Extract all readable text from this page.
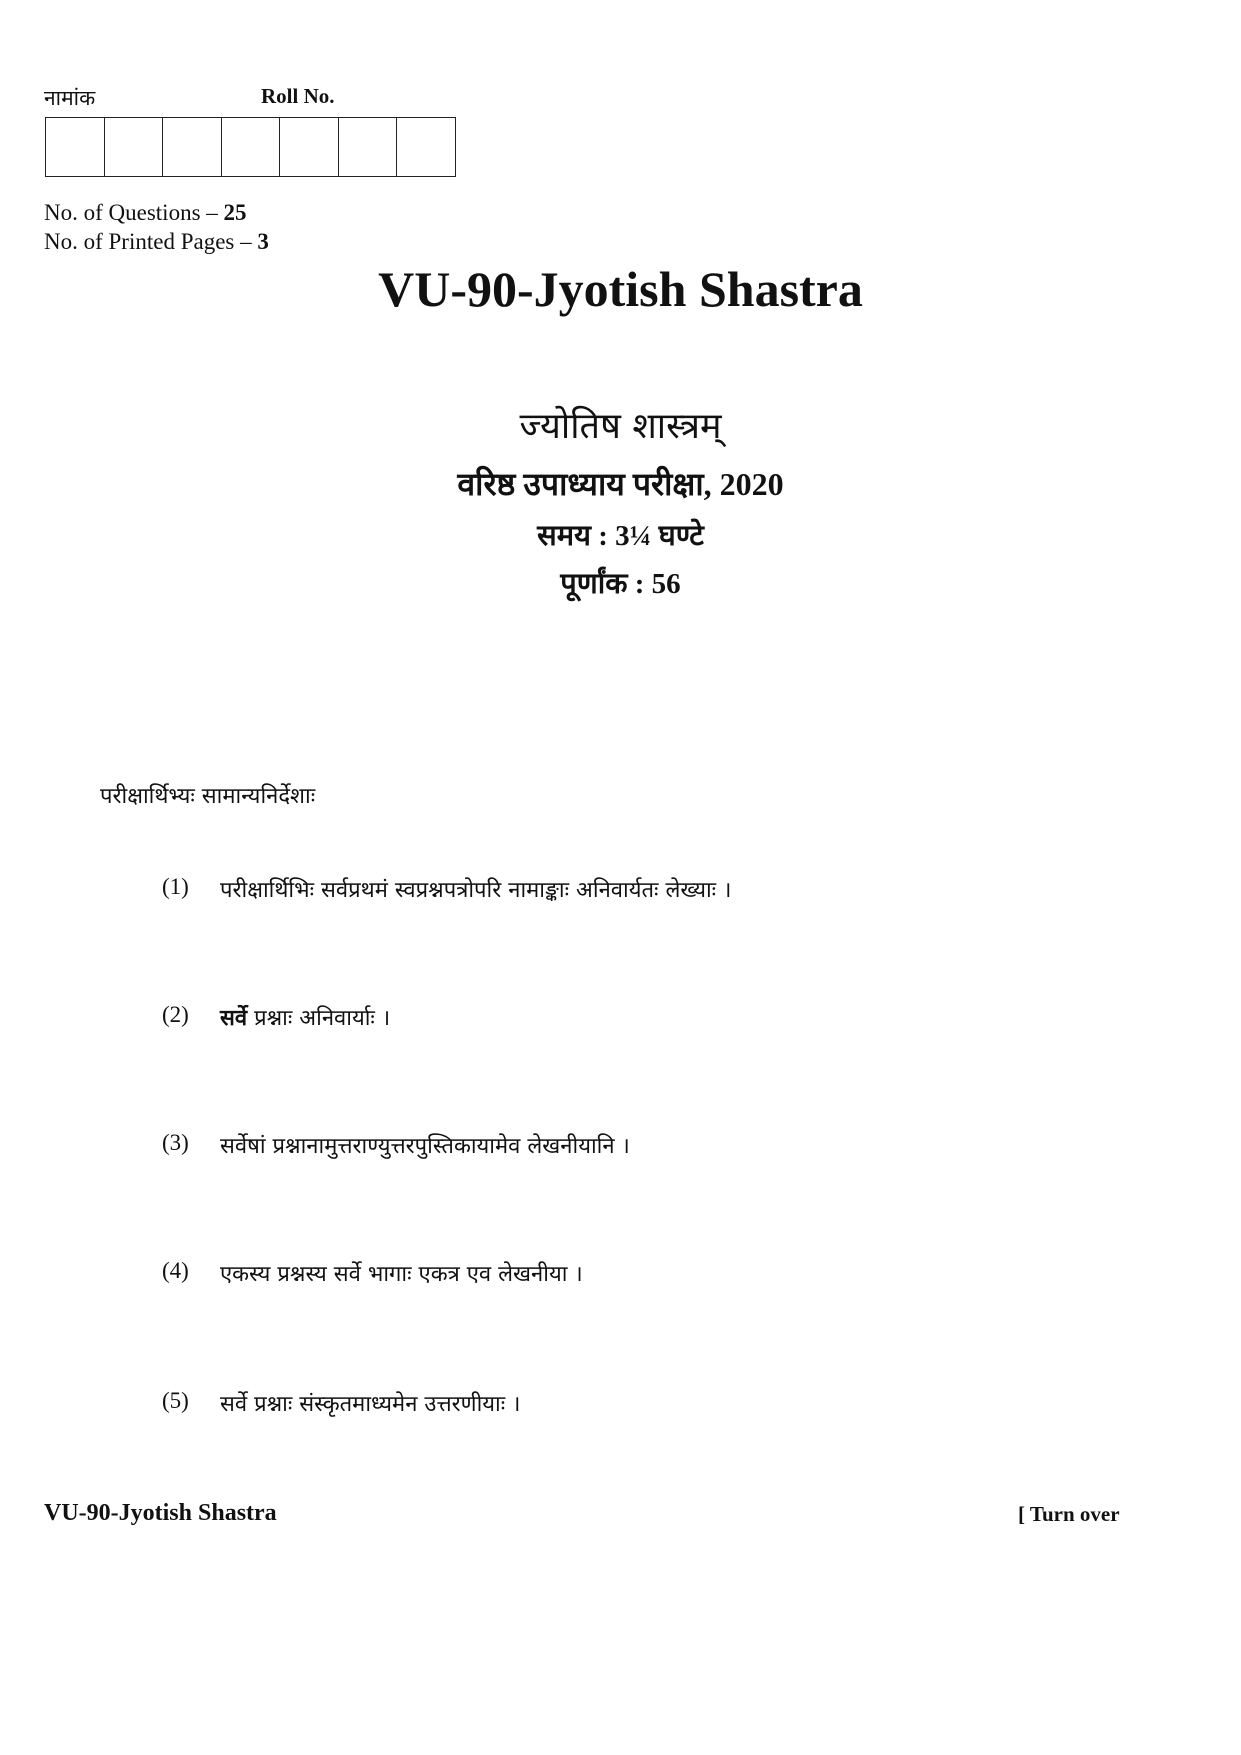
नामांक	Roll No.
No. of Questions – 25
No. of Printed Pages – 3
VU-90-Jyotish Shastra
ज्योतिष शास्त्रम्
वरिष्ठ उपाध्याय परीक्षा, 2020
समय : 3¼ घण्टे
पूर्णांक : 56
परीक्षार्थिभ्यः सामान्यनिर्देशाः
(1)	परीक्षार्थिभिः सर्वप्रथमं स्वप्रश्नपत्रोपरि नामाङ्काः अनिवार्यतः लेख्याः ।
(2)	सर्वे प्रश्नाः अनिवार्याः ।
(3)	सर्वेषां प्रश्नानामुत्तराण्युत्तरपुस्तिकायामेव लेखनीयानि ।
(4)	एकस्य प्रश्नस्य सर्वे भागाः एकत्र एव लेखनीया ।
(5)	सर्वे प्रश्नाः संस्कृतमाध्यमेन उत्तरणीयाः ।
VU-90-Jyotish Shastra	[ Turn over
